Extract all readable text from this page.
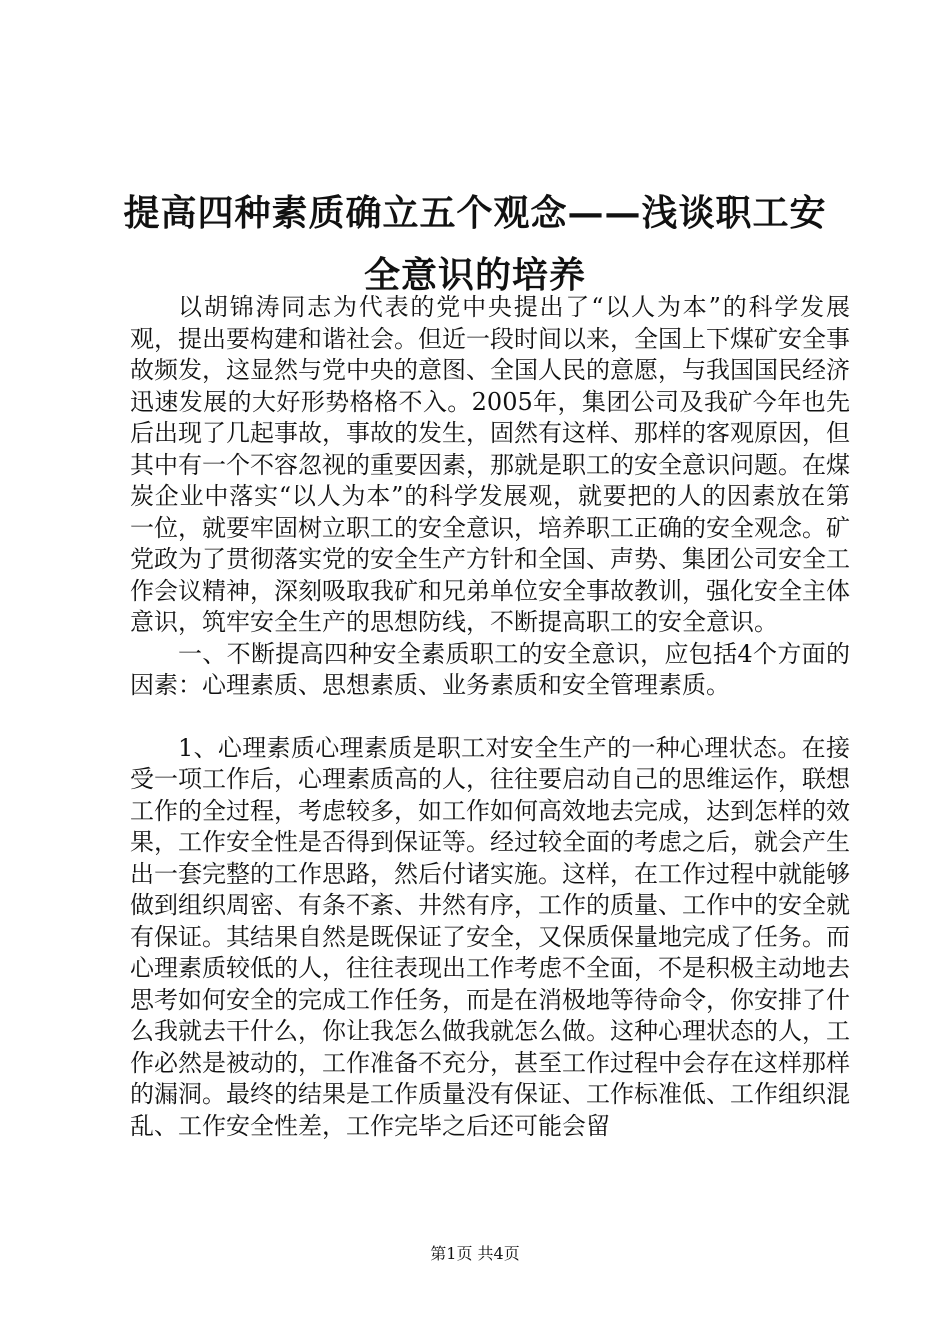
提高四种素质确立五个观念——浅谈职工安全意识的培养

以胡锦涛同志为代表的党中央提出了“以人为本”的科学发展观，提出要构建和谐社会。但近一段时间以来，全国上下煤矿安全事故频发，这显然与党中央的意图、全国人民的意愿，与我国国民经济迅速发展的大好形势格格不入。2005年，集团公司及我矿今年也先后出现了几起事故，事故的发生，固然有这样、那样的客观原因，但其中有一个不容忽视的重要因素，那就是职工的安全意识问题。在煤炭企业中落实“以人为本”的科学发展观，就要把的人的因素放在第一位，就要牢固树立职工的安全意识，培养职工正确的安全观念。矿党政为了贯彻落实党的安全生产方针和全国、声势、集团公司安全工作会议精神，深刻吸取我矿和兄弟单位安全事故教训，强化安全主体意识，筑牢安全生产的思想防线，不断提高职工的安全意识。

一、不断提高四种安全素质职工的安全意识，应包括4个方面的因素：心理素质、思想素质、业务素质和安全管理素质。

1、心理素质心理素质是职工对安全生产的一种心理状态。在接受一项工作后，心理素质高的人，往往要启动自己的思维运作，联想工作的全过程，考虑较多，如工作如何高效地去完成，达到怎样的效果，工作安全性是否得到保证等。经过较全面的考虑之后，就会产生出一套完整的工作思路，然后付诸实施。这样，在工作过程中就能够做到组织周密、有条不紊、井然有序，工作的质量、工作中的安全就有保证。其结果自然是既保证了安全，又保质保量地完成了任务。而心理素质较低的人，往往表现出工作考虑不全面，不是积极主动地去思考如何安全的完成工作任务，而是在消极地等待命令，你安排了什么我就去干什么，你让我怎么做我就怎么做。这种心理状态的人，工作必然是被动的，工作准备不充分，甚至工作过程中会存在这样那样的漏洞。最终的结果是工作质量没有保证、工作标准低、工作组织混乱、工作安全性差，工作完毕之后还可能会留

第1页 共4页
